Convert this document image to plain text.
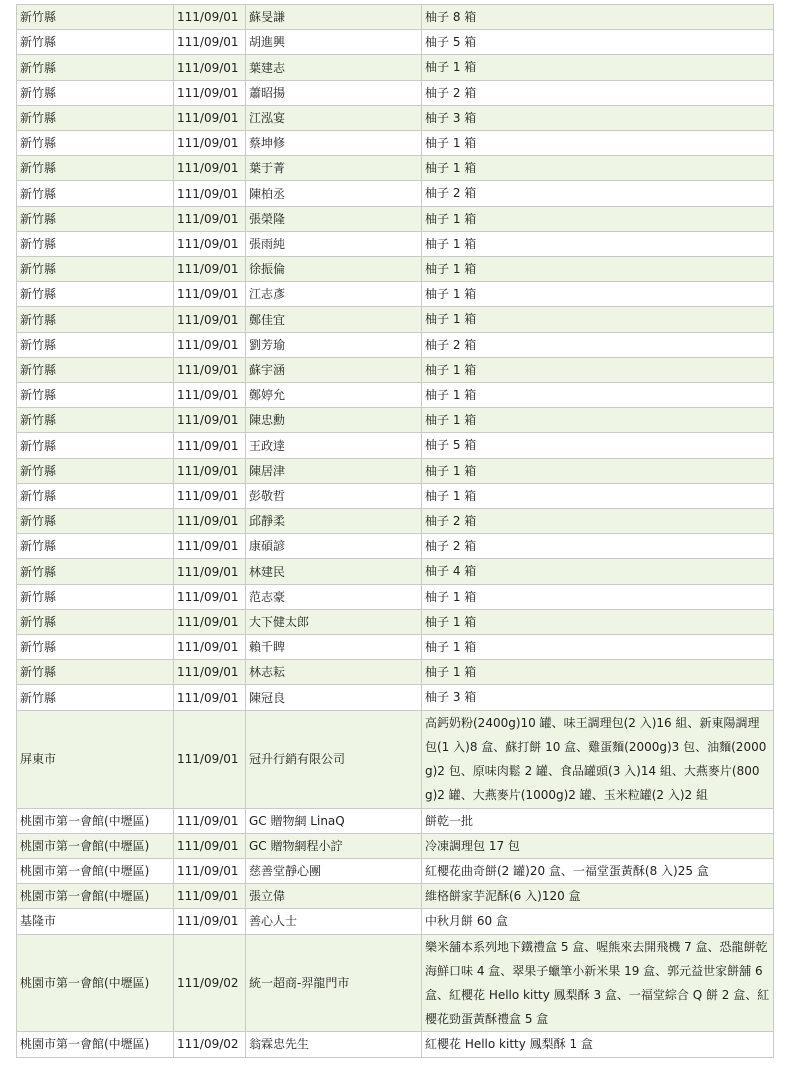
新竹縣	111/09/01	蘇旻謙	柚子 8 箱
新竹縣	111/09/01	胡進興	柚子 5 箱
新竹縣	111/09/01	葉建志	柚子 1 箱
新竹縣	111/09/01	蕭昭揚	柚子 2 箱
新竹縣	111/09/01	江泓宴	柚子 3 箱
新竹縣	111/09/01	蔡坤修	柚子 1 箱
新竹縣	111/09/01	葉于菁	柚子 1 箱
新竹縣	111/09/01	陳柏丞	柚子 2 箱
新竹縣	111/09/01	張榮隆	柚子 1 箱
新竹縣	111/09/01	張雨純	柚子 1 箱
新竹縣	111/09/01	徐振倫	柚子 1 箱
新竹縣	111/09/01	江志彥	柚子 1 箱
新竹縣	111/09/01	鄭佳宜	柚子 1 箱
新竹縣	111/09/01	劉芳瑜	柚子 2 箱
新竹縣	111/09/01	蘇宇涵	柚子 1 箱
新竹縣	111/09/01	鄭婷允	柚子 1 箱
新竹縣	111/09/01	陳忠勳	柚子 1 箱
新竹縣	111/09/01	王政達	柚子 5 箱
新竹縣	111/09/01	陳居津	柚子 1 箱
新竹縣	111/09/01	彭敬哲	柚子 1 箱
新竹縣	111/09/01	邱靜柔	柚子 2 箱
新竹縣	111/09/01	康碩諺	柚子 2 箱
新竹縣	111/09/01	林建民	柚子 4 箱
新竹縣	111/09/01	范志豪	柚子 1 箱
新竹縣	111/09/01	大下健太郎	柚子 1 箱
新竹縣	111/09/01	賴千睥	柚子 1 箱
新竹縣	111/09/01	林志耘	柚子 1 箱
新竹縣	111/09/01	陳冠良	柚子 3 箱
屏東市	111/09/01	冠升行銷有限公司	高鈣奶粉(2400g)10 罐、味王調理包(2 入)16 組、新東陽調理包(1 入)8 盒、蘇打餅 10 盒、雞蛋麵(2000g)3 包、油麵(2000g)2 包、原味肉鬆 2 罐、食品罐頭(3 入)14 組、大燕麥片(800g)2 罐、大燕麥片(1000g)2 罐、玉米粒罐(2 入)2 組
桃園市第一會館(中壢區)	111/09/01	GC 贈物網 LinaQ	餅乾一批
桃園市第一會館(中壢區)	111/09/01	GC 贈物網程小詝	冷凍調理包 17 包
桃園市第一會館(中壢區)	111/09/01	慈善堂靜心團	紅櫻花曲奇餅(2 罐)20 盒、一福堂蛋黃酥(8 入)25 盒
桃園市第一會館(中壢區)	111/09/01	張立偉	維格餅家芋泥酥(6 入)120 盒
基隆市	111/09/01	善心人士	中秋月餅 60 盒
桃園市第一會館(中壢區)	111/09/02	統一超商-羿龍門市	樂米舖本系列地下鐵禮盒 5 盒、喔熊來去開飛機 7 盒、恐龍餅乾海鮮口味 4 盒、翠果子蠟筆小新米果 19 盒、郭元益世家餅舖 6 盒、紅櫻花 Hello kitty 鳳梨酥 3 盒、一福堂綜合 Q 餅 2 盒、紅櫻花勁蛋黃酥禮盒 5 盒
桃園市第一會館(中壢區)	111/09/02	翁霖忠先生	紅櫻花 Hello kitty 鳳梨酥 1 盒
